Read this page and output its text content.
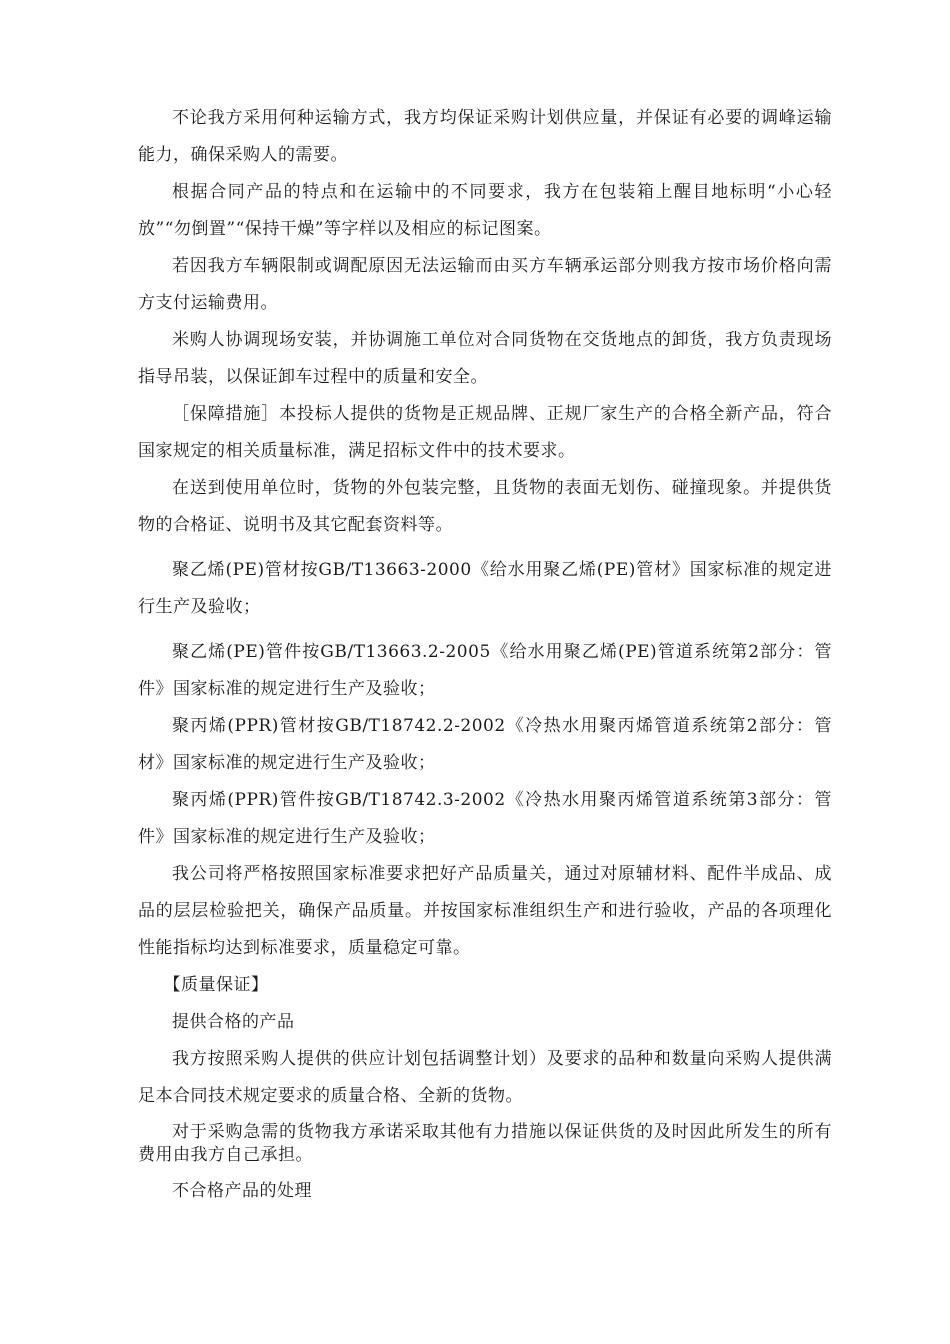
不论我方采用何种运输方式，我方均保证采购计划供应量，并保证有必要的调峰运输能力，确保采购人的需要。

根据合同产品的特点和在运输中的不同要求，我方在包装箱上醒目地标明“小心轻放”“勿倒置”“保持干燥”等字样以及相应的标记图案。

若因我方车辆限制或调配原因无法运输而由买方车辆承运部分则我方按市场价格向需方支付运输费用。

米购人协调现场安装，并协调施工单位对合同货物在交货地点的卸货，我方负责现场指导吊装，以保证卸车过程中的质量和安全。

［保障措施］本投标人提供的货物是正规品牌、正规厂家生产的合格全新产品，符合国家规定的相关质量标准，满足招标文件中的技术要求。

在送到使用单位时，货物的外包装完整，且货物的表面无划伤、碰撞现象。并提供货物的合格证、说明书及其它配套资料等。

聚乙烯(PE)管材按GB/T13663-2000《给水用聚乙烯(PE)管材》国家标准的规定进行生产及验收；

聚乙烯(PE)管件按GB/T13663.2-2005《给水用聚乙烯(PE)管道系统第2部分：管件》国家标准的规定进行生产及验收；

聚丙烯(PPR)管材按GB/T18742.2-2002《冷热水用聚丙烯管道系统第2部分：管材》国家标准的规定进行生产及验收；

聚丙烯(PPR)管件按GB/T18742.3-2002《冷热水用聚丙烯管道系统第3部分：管件》国家标准的规定进行生产及验收；

我公司将严格按照国家标准要求把好产品质量关，通过对原辅材料、配件半成品、成品的层层检验把关，确保产品质量。并按国家标准组织生产和进行验收，产品的各项理化性能指标均达到标准要求，质量稳定可靠。

【质量保证】

提供合格的产品

我方按照采购人提供的供应计划包括调整计划）及要求的品种和数量向采购人提供满足本合同技术规定要求的质量合格、全新的货物。

对于采购急需的货物我方承诺采取其他有力措施以保证供货的及时因此所发生的所有费用由我方自己承担。

不合格产品的处理
